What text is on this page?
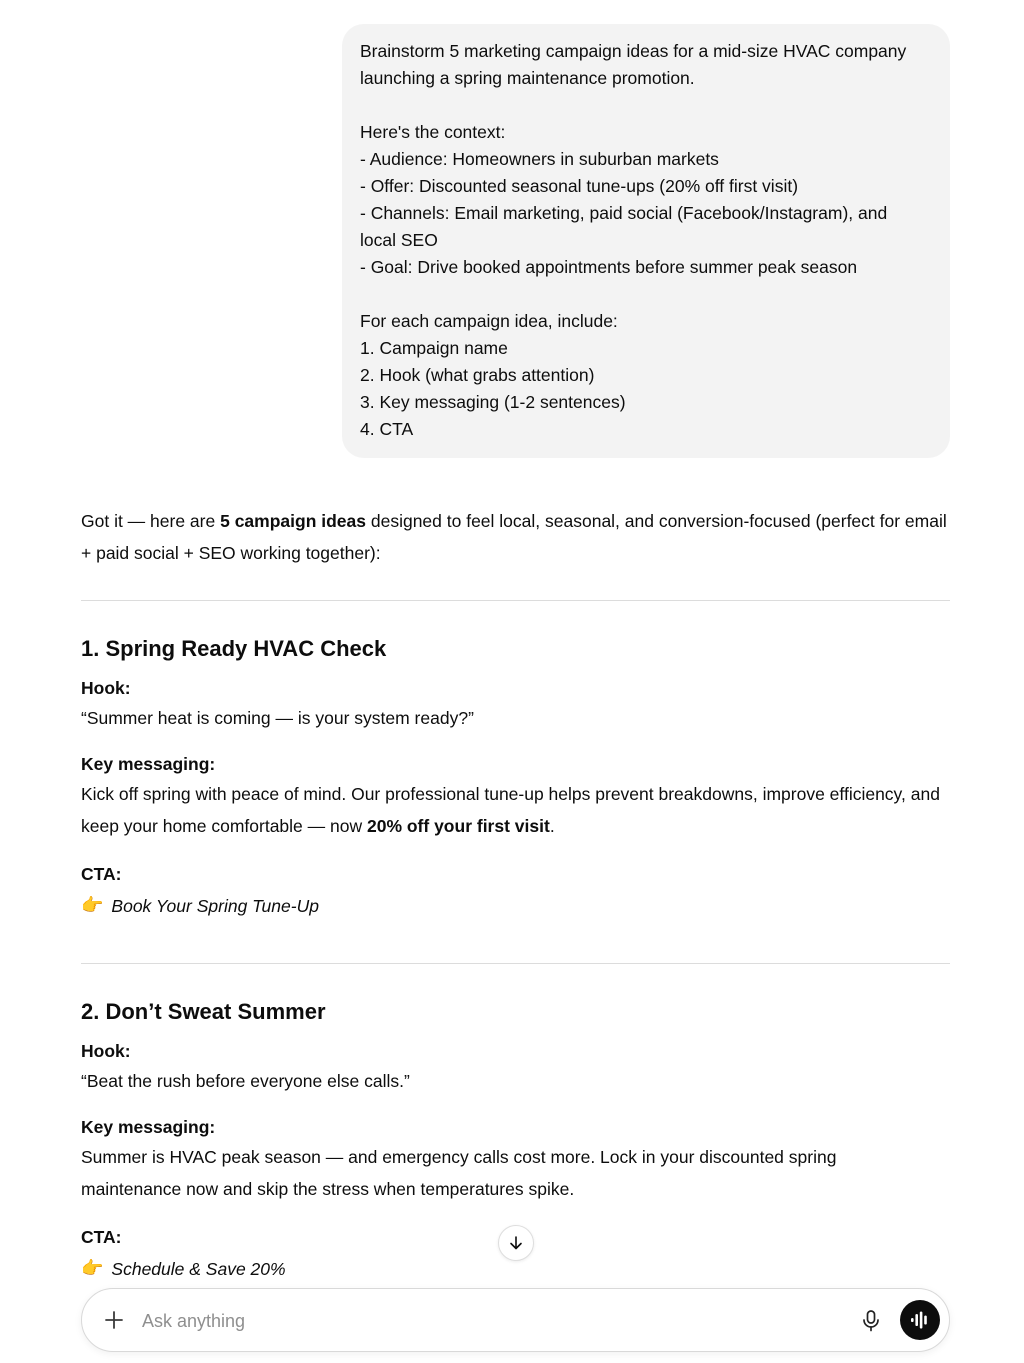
Brainstorm 5 marketing campaign ideas for a mid-size HVAC company
launching a spring maintenance promotion.
Here's the context:
- Audience: Homeowners in suburban markets
- Offer: Discounted seasonal tune-ups (20% off first visit)
- Channels: Email marketing, paid social (Facebook/Instagram), and
local SEO
- Goal: Drive booked appointments before summer peak season
For each campaign idea, include:
1. Campaign name
2. Hook (what grabs attention)
3. Key messaging (1-2 sentences)
4. CTA
Got it — here are 5 campaign ideas designed to feel local, seasonal, and conversion-focused (perfect for email + paid social + SEO working together):
1. Spring Ready HVAC Check
Hook:
“Summer heat is coming — is your system ready?”
Key messaging:
Kick off spring with peace of mind. Our professional tune-up helps prevent breakdowns, improve efficiency, and keep your home comfortable — now 20% off your first visit.
CTA:
👉 Book Your Spring Tune-Up
2. Don’t Sweat Summer
Hook:
“Beat the rush before everyone else calls.”
Key messaging:
Summer is HVAC peak season — and emergency calls cost more. Lock in your discounted spring maintenance now and skip the stress when temperatures spike.
CTA:
👉 Schedule & Save 20%
Ask anything
